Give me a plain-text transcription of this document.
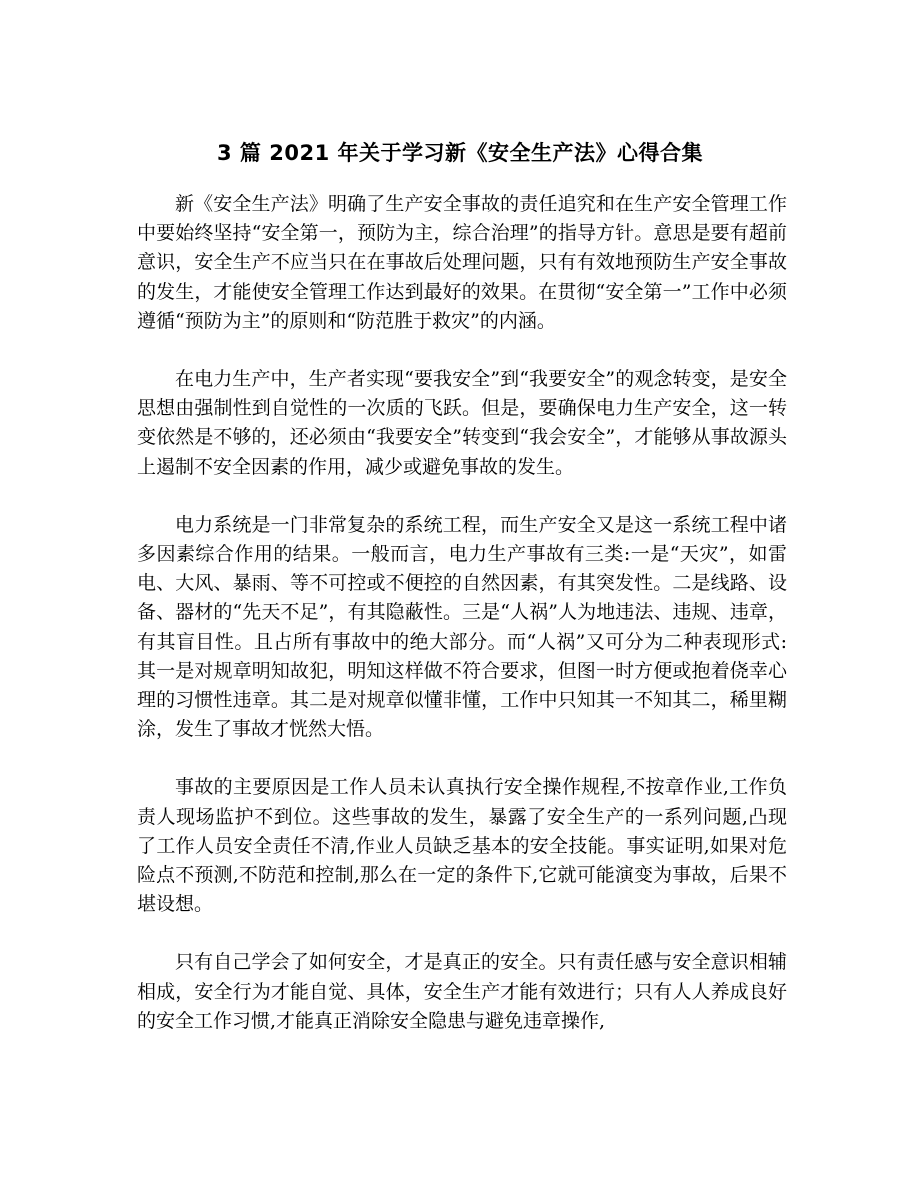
3 篇 2021 年关于学习新《安全生产法》心得合集

新《安全生产法》明确了生产安全事故的责任追究和在生产安全管理工作中要始终坚持“安全第一，预防为主，综合治理”的指导方针。意思是要有超前意识，安全生产不应当只在在事故后处理问题，只有有效地预防生产安全事故的发生，才能使安全管理工作达到最好的效果。在贯彻“安全第一”工作中必须遵循“预防为主”的原则和“防范胜于救灾”的内涵。

在电力生产中，生产者实现“要我安全”到“我要安全”的观念转变，是安全思想由强制性到自觉性的一次质的飞跃。但是，要确保电力生产安全，这一转变依然是不够的，还必须由“我要安全”转变到“我会安全”，才能够从事故源头上遏制不安全因素的作用，减少或避免事故的发生。

电力系统是一门非常复杂的系统工程，而生产安全又是这一系统工程中诸多因素综合作用的结果。一般而言，电力生产事故有三类:一是“天灾”，如雷电、大风、暴雨、等不可控或不便控的自然因素，有其突发性。二是线路、设备、器材的“先天不足”，有其隐蔽性。三是“人祸”人为地违法、违规、违章，有其盲目性。且占所有事故中的绝大部分。而“人祸”又可分为二种表现形式:其一是对规章明知故犯，明知这样做不符合要求，但图一时方便或抱着侥幸心理的习惯性违章。其二是对规章似懂非懂，工作中只知其一不知其二，稀里糊涂，发生了事故才恍然大悟。

事故的主要原因是工作人员未认真执行安全操作规程,不按章作业,工作负责人现场监护不到位。这些事故的发生，暴露了安全生产的一系列问题,凸现了工作人员安全责任不清,作业人员缺乏基本的安全技能。事实证明,如果对危险点不预测,不防范和控制,那么在一定的条件下,它就可能演变为事故，后果不堪设想。

只有自己学会了如何安全，才是真正的安全。只有责任感与安全意识相辅相成，安全行为才能自觉、具体，安全生产才能有效进行；只有人人养成良好的安全工作习惯,才能真正消除安全隐患与避免违章操作,
